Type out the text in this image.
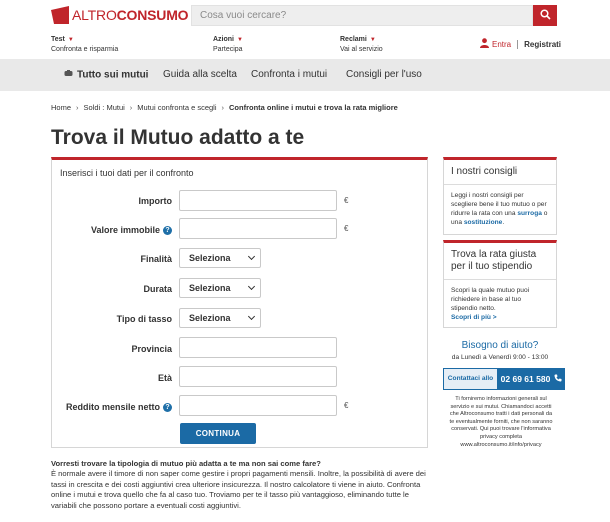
ALTROCONSUMO	Cosa vuoi cercare?
Test ▼
Confronta e risparmia
Azioni ▼
Partecipa
Reclami ▼
Vai al servizio
Entra Registrati
Tutto sui mutui Guida alla scelta Confronta i mutui Consigli per l'uso
Home › Soldi : Mutui › Mutui confronta e scegli › Confronta online i mutui e trova la rata migliore
Trova il Mutuo adatto a te
Inserisci i tuoi dati per il confronto
Importo	€
Valore immobile ?	€
Finalità	Seleziona
Durata	Seleziona
Tipo di tasso	Seleziona
Provincia
Età
Reddito mensile netto ?	€
CONTINUA
Vorresti trovare la tipologia di mutuo più adatta a te ma non sai come fare?
È normale avere il timore di non saper come gestire i propri pagamenti mensili. Inoltre, la possibilità di avere dei tassi in crescita e dei costi aggiuntivi crea ulteriore insicurezza. Il nostro calcolatore ti viene in aiuto. Confronta online i mutui e trova quello che fa al caso tuo. Troviamo per te il tasso più vantaggioso, eliminando tutte le variabili che possono portare a eventuali costi aggiuntivi.
I nostri consigli
Leggi i nostri consigli per scegliere bene il tuo mutuo o per ridurre la rata con una surroga o una sostituzione.
Trova la rata giusta per il tuo stipendio
Scopri la quale mutuo puoi richiedere in base al tuo stipendio netto.
Scopri di più >
Bisogno di aiuto?
da Lunedì a Venerdì 9:00 - 13:00
Contattaci allo 02 69 61 580
Ti forniremo informazioni generali sul servizio e sui mutui. Chiamandoci accetti che Altroconsumo tratti i dati personali da te eventualmente forniti, che non saranno conservati. Qui puoi trovare l'informativa privacy completa www.altroconsumo.it/info/privacy
